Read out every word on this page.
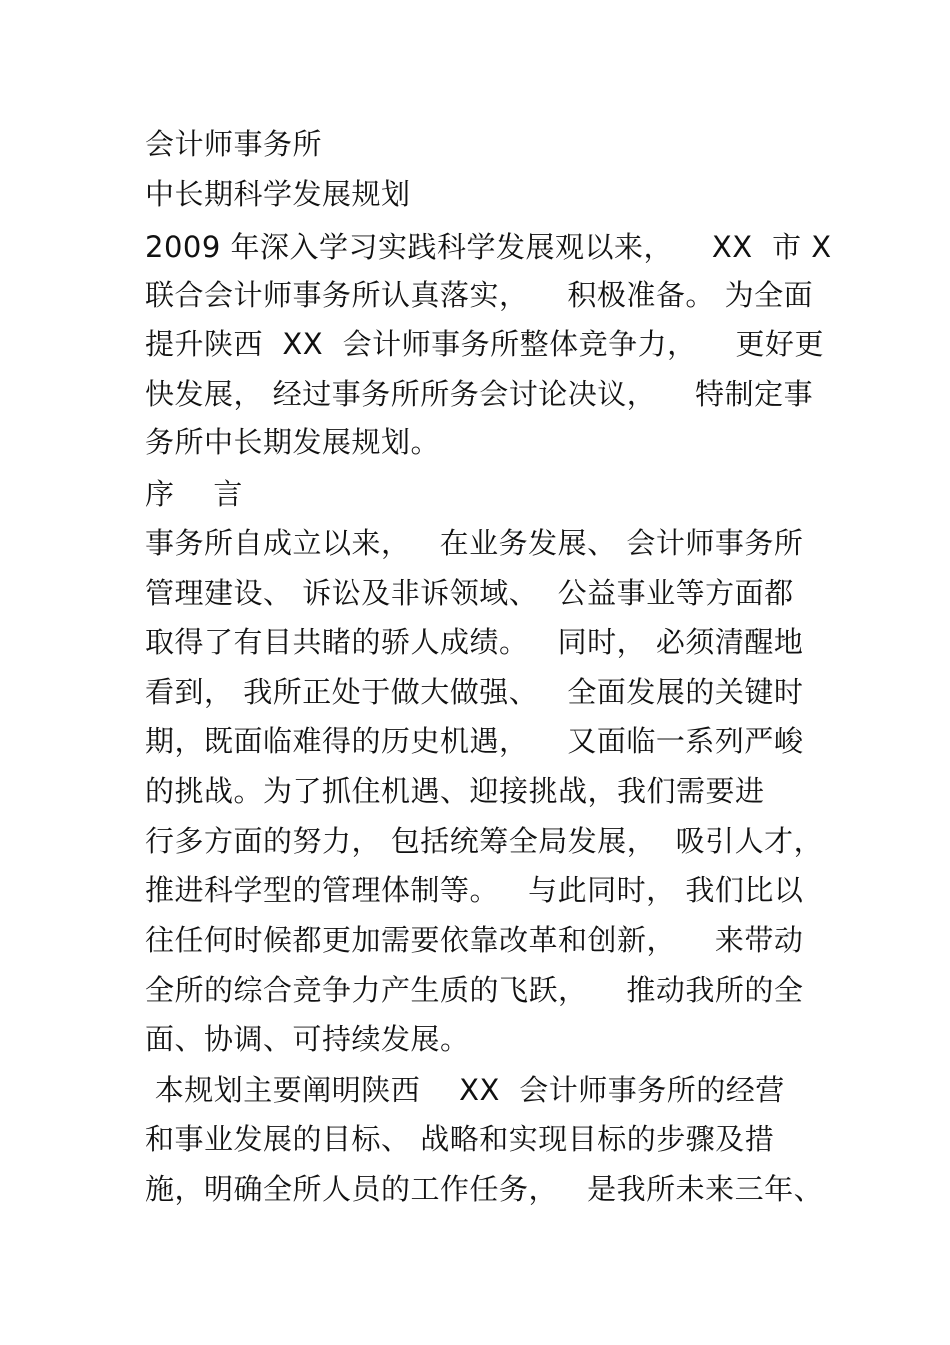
会计师事务所
中长期科学发展规划
2009 年深入学习实践科学发展观以来，    XX  市 X
联合会计师事务所认真落实，    积极准备。 为全面
提升陕西  XX  会计师事务所整体竞争力，    更好更
快发展， 经过事务所所务会讨论决议，    特制定事
务所中长期发展规划。
序    言
事务所自成立以来，   在业务发展、 会计师事务所
管理建设、 诉讼及非诉领域、  公益事业等方面都
取得了有目共睹的骄人成绩。   同时， 必须清醒地
看到， 我所正处于做大做强、   全面发展的关键时
期，既面临难得的历史机遇，    又面临一系列严峻
的挑战。为了抓住机遇、迎接挑战，我们需要进
行多方面的努力， 包括统筹全局发展，  吸引人才，
推进科学型的管理体制等。   与此同时， 我们比以
往任何时候都更加需要依靠改革和创新，    来带动
全所的综合竞争力产生质的飞跃，    推动我所的全
面、协调、可持续发展。
本规划主要阐明陕西    XX  会计师事务所的经营
和事业发展的目标、 战略和实现目标的步骤及措
施，明确全所人员的工作任务，   是我所未来三年、
